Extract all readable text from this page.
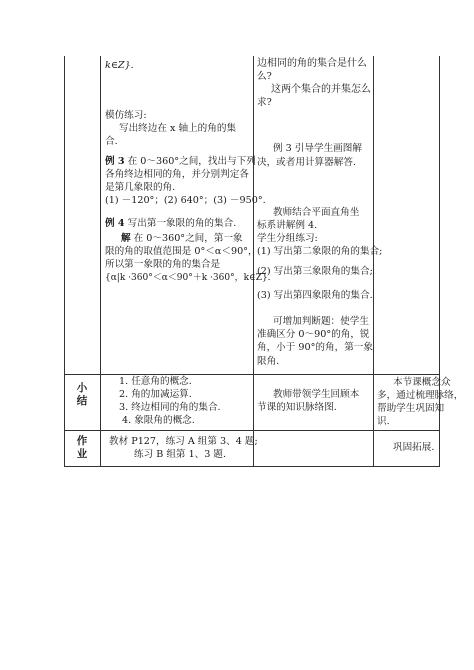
k∈Z}.
模仿练习:
写出终边在 x 轴上的角的集
合.
例 3 在 0～360°之间，找出与下列
各角终边相同的角，并分别判定各
是第几象限的角.
(1) －120°；(2) 640°；(3) －950°.
例 4 写出第一象限的角的集合.
解 在 0～360°之间，第一象
限的角的取值范围是 0°＜α＜90°，
所以第一象限的角的集合是
{α|k ·360°＜α＜90°＋k ·360°，k∈Z}.
边相同的角的集合是什么
么?
这两个集合的并集怎么
求?
例 3 引导学生画图解
决，或者用计算器解答.
教师结合平面直角坐
标系讲解例 4.
学生分组练习:
(1) 写出第二象限的角的集合;
(2) 写出第三象限角的集合;
(3) 写出第四象限角的集合.
可增加判断题：使学生
准确区分 0～90°的角，锐
角，小于 90°的角，第一象
限角.
小
结
1. 任意角的概念.
2. 角的加减运算.
3. 终边相同的角的集合.
4. 象限角的概念.
教师带领学生回顾本
节课的知识脉络图.
本节课概念众
多，通过梳理脉络，
帮助学生巩固知
识.
作
业
教材 P127，练习 A 组第 3、4 题;
练习 B 组第 1、3 题.
巩固拓展.
